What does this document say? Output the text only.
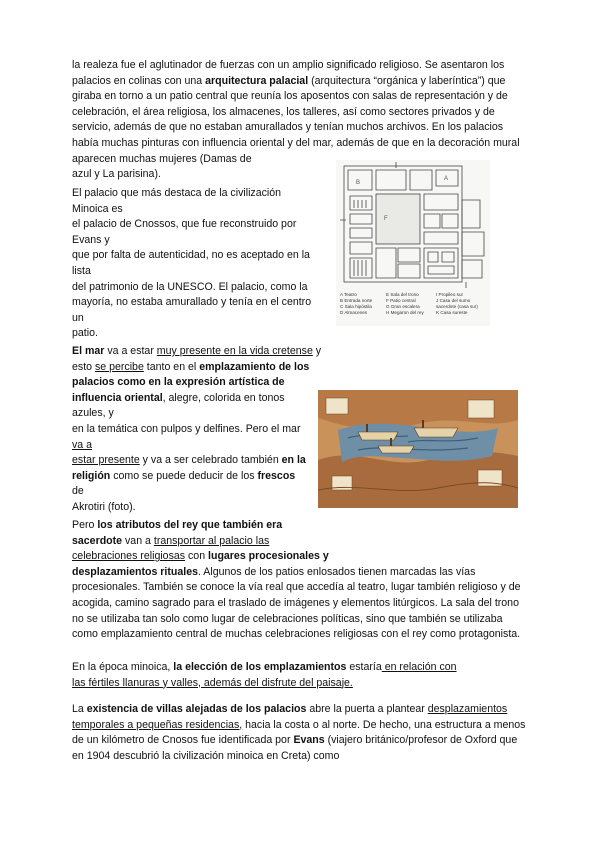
la realeza fue el aglutinador de fuerzas con un amplio significado religioso. Se asentaron los palacios en colinas con una arquitectura palacial (arquitectura “orgánica y laberíntica”) que giraba en torno a un patio central que reunía los aposentos con salas de representación y de celebración, el área religiosa, los almacenes, los talleres, así como sectores privados y de servicio, además de que no estaban amurallados y tenían muchos archivos. En los palacios había muchas pinturas con influencia oriental y del mar, además de que en la decoración mural aparecen muchas mujeres (Damas de
azul y La parisina).

El palacio que más destaca de la civilización
Minoica es
el palacio de Cnossos, que fue reconstruido por
Evans y
que por falta de autenticidad, no es aceptado en la
lista
del patrimonio de la UNESCO. El palacio, como la
mayoría, no estaba amurallado y tenía en el centro
un
patio.

F
B
A
A Teatro
B Entrada norte
C Sala hipóstila
D Almacenes
E Sala del trono
F Patio central
G Gran escalera
H Megaron del rey
I Propileo sur
J Casa del sumo
sacerdote (casa sur)
K Casa sureste

El mar va a estar muy presente en la vida cretense y
esto se percibe tanto en el emplazamiento de los
palacios como en la expresión artística de
influencia oriental, alegre, colorida en tonos
azules, y
en la temática con pulpos y delfines. Pero el mar
va a
estar presente y va a ser celebrado también en la
religión como se puede deducir de los frescos
de
Akrotiri (foto).

Pero los atributos del rey que también era
sacerdote van a transportar al palacio las
celebraciones religiosas con lugares procesionales y
desplazamientos rituales. Algunos de los patios enlosados tienen marcadas las vías procesionales. También se conoce la vía real que accedía al teatro, lugar también religioso y de acogida, camino sagrado para el traslado de imágenes y elementos litúrgicos. La sala del trono no se utilizaba tan solo como lugar de celebraciones políticas, sino que también se utilizaba como emplazamiento central de muchas celebraciones religiosas con el rey como protagonista.

En la época minoica, la elección de los emplazamientos estaría en relación con
las fértiles llanuras y valles, además del disfrute del paisaje.

La existencia de villas alejadas de los palacios abre la puerta a plantear desplazamientos temporales a pequeñas residencias, hacia la costa o al norte. De hecho, una estructura a menos de un kilómetro de Cnosos fue identificada por Evans (viajero británico/profesor de Oxford que en 1904 descubrió la civilización minoica en Creta) como
